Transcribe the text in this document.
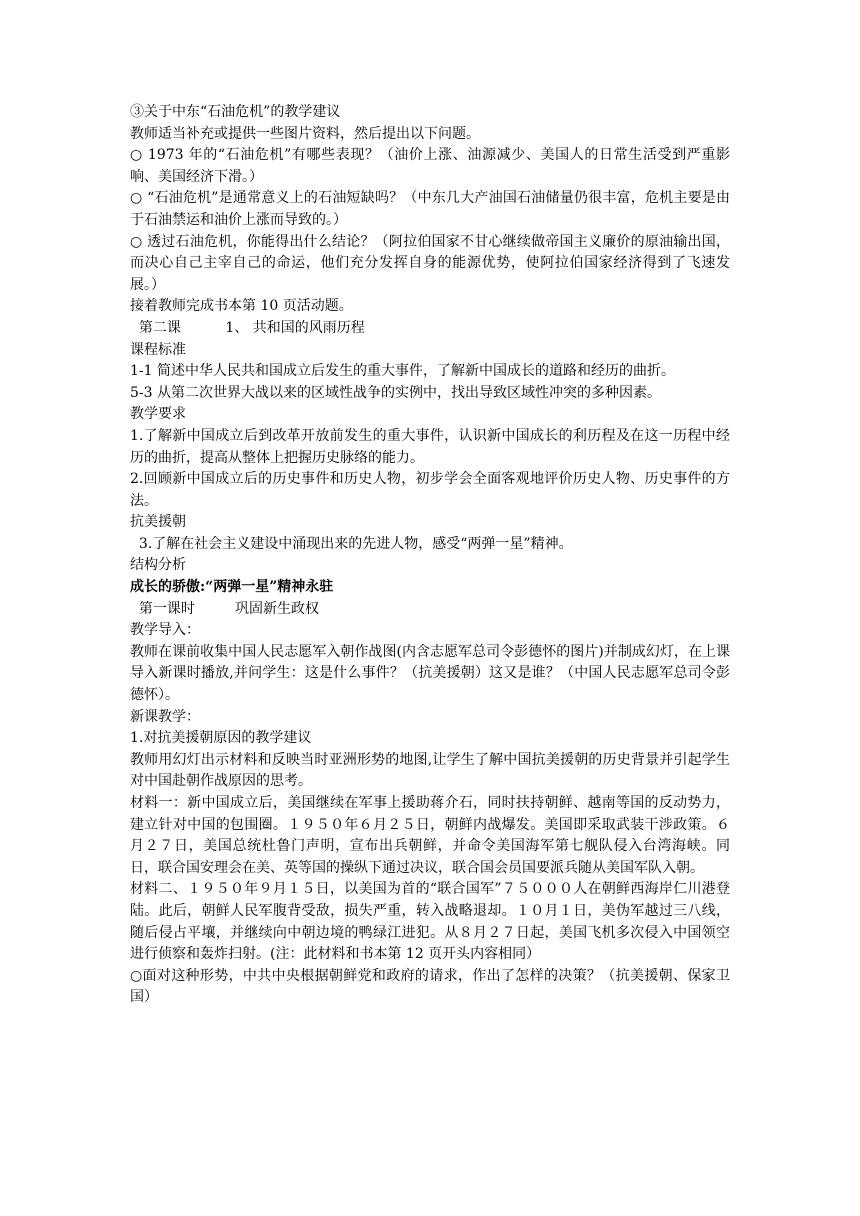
③关于中东“石油危机”的教学建议

教师适当补充或提供一些图片资料，然后提出以下问题。

○ 1973 年的“石油危机”有哪些表现？（油价上涨、油源减少、美国人的日常生活受到严重影响、美国经济下滑。）

○ “石油危机”是通常意义上的石油短缺吗？（中东几大产油国石油储量仍很丰富，危机主要是由于石油禁运和油价上涨而导致的。）

○ 透过石油危机，你能得出什么结论？（阿拉伯国家不甘心继续做帝国主义廉价的原油输出国，而决心自己主宰自己的命运，他们充分发挥自身的能源优势，使阿拉伯国家经济得到了飞速发展。）

接着教师完成书本第 10 页活动题。

第二课          1、 共和国的风雨历程

课程标准

1-1 简述中华人民共和国成立后发生的重大事件，了解新中国成长的道路和经历的曲折。

5-3 从第二次世界大战以来的区域性战争的实例中，找出导致区域性冲突的多种因素。

教学要求

1.了解新中国成立后到改革开放前发生的重大事件，认识新中国成长的利历程及在这一历程中经历的曲折，提高从整体上把握历史脉络的能力。

2.回顾新中国成立后的历史事件和历史人物，初步学会全面客观地评价历史人物、历史事件的方法。

抗美援朝

3.了解在社会主义建设中涌现出来的先进人物，感受“两弹一星”精神。

结构分析

成长的骄傲:“两弹一星”精神永驻

第一课时         巩固新生政权

教学导入：

教师在课前收集中国人民志愿军入朝作战图(内含志愿军总司令彭德怀的图片)并制成幻灯，在上课导入新课时播放,并问学生：这是什么事件？（抗美援朝）这又是谁？（中国人民志愿军总司令彭德怀）。

新课教学：

1.对抗美援朝原因的教学建议

教师用幻灯出示材料和反映当时亚洲形势的地图,让学生了解中国抗美援朝的历史背景并引起学生对中国赴朝作战原因的思考。

材料一：新中国成立后，美国继续在军事上援助蒋介石，同时扶持朝鲜、越南等国的反动势力，建立针对中国的包围圈。１９５０年６月２５日，朝鲜内战爆发。美国即采取武装干涉政策。６月２７日，美国总统杜鲁门声明，宣布出兵朝鲜，并命令美国海军第七舰队侵入台湾海峡。同日，联合国安理会在美、英等国的操纵下通过决议，联合国会员国要派兵随从美国军队入朝。

材料二、１９５０年９月１５日，以美国为首的“联合国军”７５０００人在朝鲜西海岸仁川港登陆。此后，朝鲜人民军腹背受敌，损失严重，转入战略退却。１０月１日，美伪军越过三八线，随后侵占平壤，并继续向中朝边境的鸭绿江进犯。从８月２７日起，美国飞机多次侵入中国领空进行侦察和轰炸扫射。(注：此材料和书本第 12 页开头内容相同）

○面对这种形势，中共中央根据朝鲜党和政府的请求，作出了怎样的决策？（抗美援朝、保家卫国）
